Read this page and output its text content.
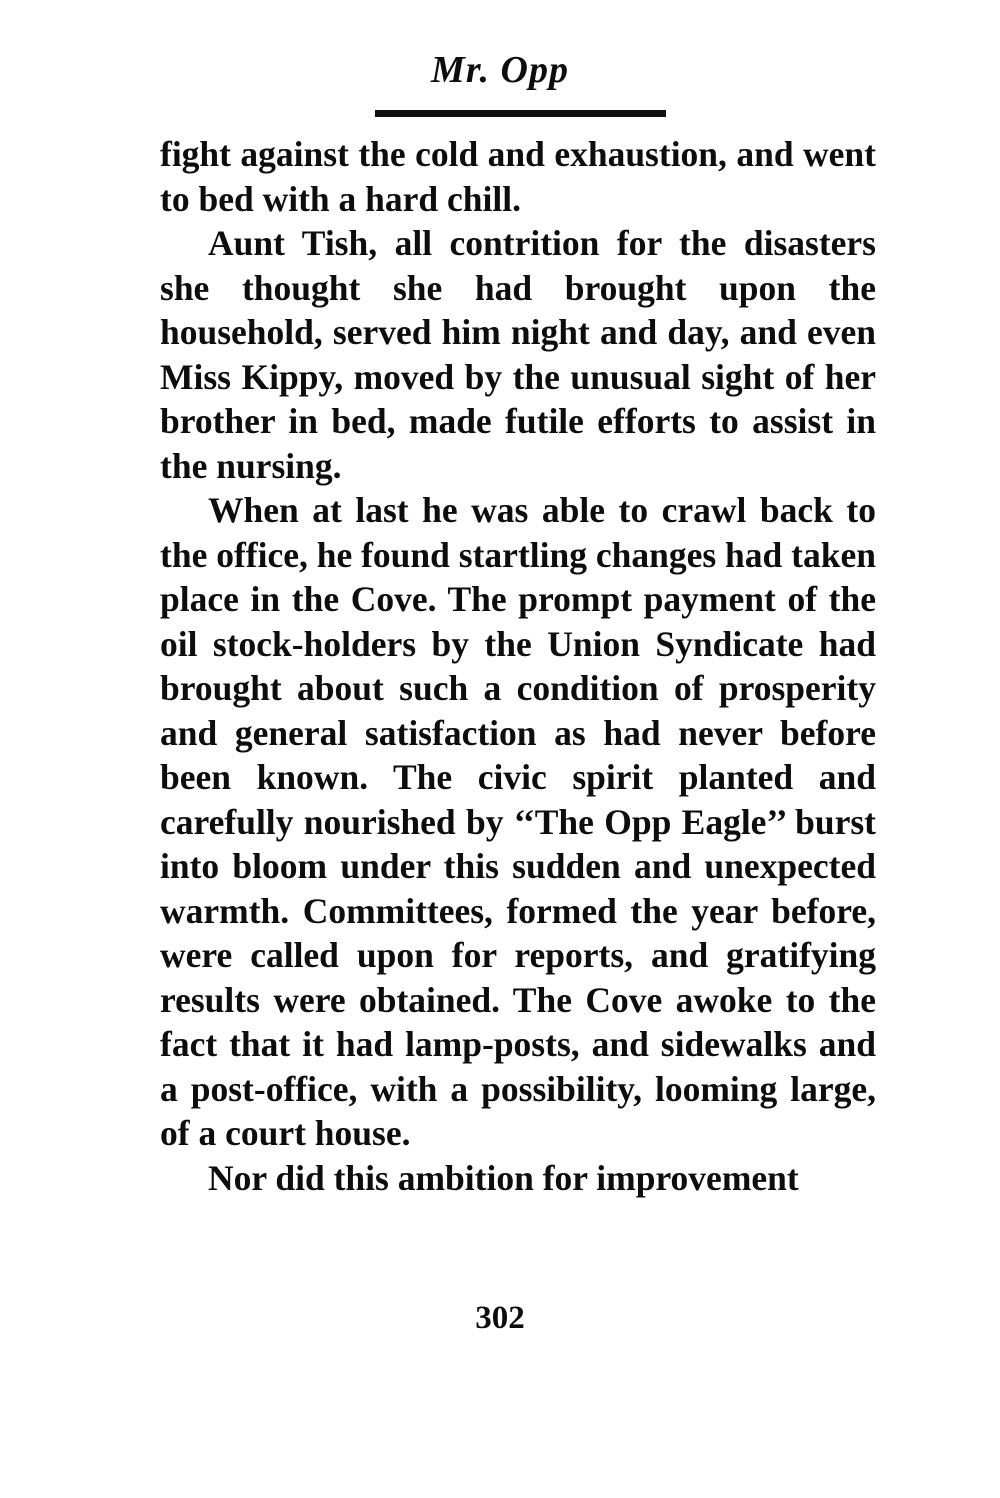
Mr. Opp

fight against the cold and exhaustion, and went to bed with a hard chill.

Aunt Tish, all contrition for the disasters she thought she had brought upon the household, served him night and day, and even Miss Kippy, moved by the unusual sight of her brother in bed, made futile efforts to assist in the nursing.

When at last he was able to crawl back to the office, he found startling changes had taken place in the Cove. The prompt payment of the oil stock-holders by the Union Syndicate had brought about such a condition of prosperity and general satisfaction as had never before been known. The civic spirit planted and carefully nourished by ‘‘The Opp Eagle’’ burst into bloom under this sudden and unexpected warmth. Committees, formed the year before, were called upon for reports, and gratifying results were obtained. The Cove awoke to the fact that it had lamp-posts, and sidewalks and a post-office, with a possibility, looming large, of a court house.

Nor did this ambition for improvement

302
